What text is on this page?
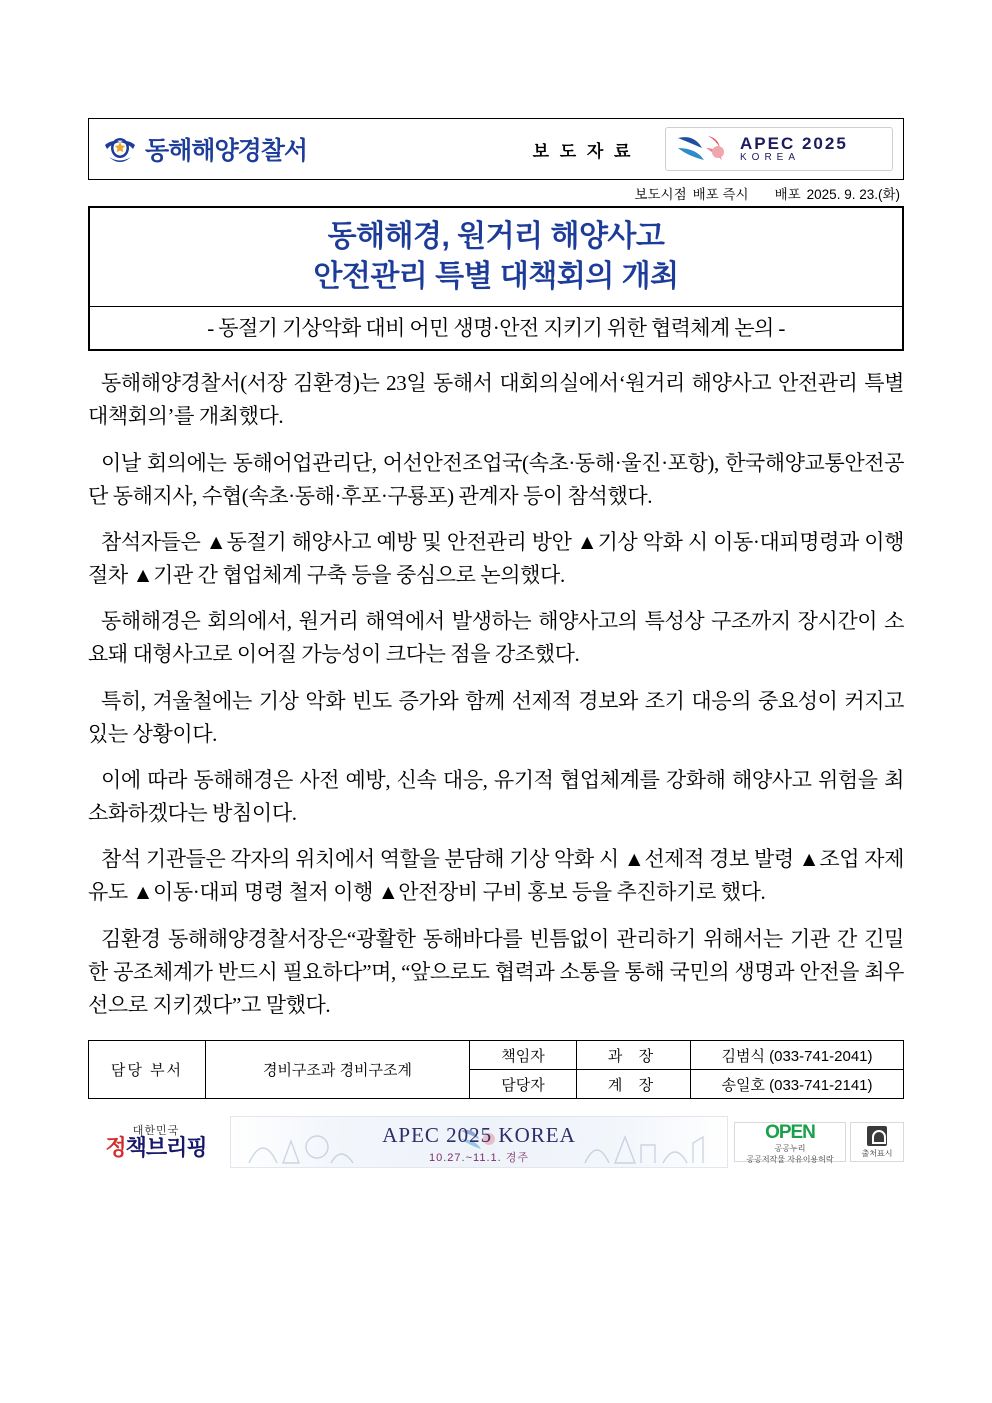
동해해양경찰서	보 도 자 료	APEC 2025
KOREA
보도시점 배포 즉시 배포 2025. 9. 23.(화)
동해해경, 원거리 해양사고
안전관리 특별 대책회의 개최
- 동절기 기상악화 대비 어민 생명·안전 지키기 위한 협력체계 논의 -

동해해양경찰서(서장 김환경)는 23일 동해서 대회의실에서‘원거리 해양사고 안전관리 특별 대책회의’를 개최했다.

이날 회의에는 동해어업관리단, 어선안전조업국(속초·동해·울진·포항), 한국해양교통안전공단 동해지사, 수협(속초·동해·후포·구룡포) 관계자 등이 참석했다.

참석자들은 ▲동절기 해양사고 예방 및 안전관리 방안 ▲기상 악화 시 이동·대피명령과 이행 절차 ▲기관 간 협업체계 구축 등을 중심으로 논의했다.

동해해경은 회의에서, 원거리 해역에서 발생하는 해양사고의 특성상 구조까지 장시간이 소요돼 대형사고로 이어질 가능성이 크다는 점을 강조했다.

특히, 겨울철에는 기상 악화 빈도 증가와 함께 선제적 경보와 조기 대응의 중요성이 커지고 있는 상황이다.

이에 따라 동해해경은 사전 예방, 신속 대응, 유기적 협업체계를 강화해 해양사고 위험을 최소화하겠다는 방침이다.

참석 기관들은 각자의 위치에서 역할을 분담해 기상 악화 시 ▲선제적 경보 발령 ▲조업 자제 유도 ▲이동·대피 명령 철저 이행 ▲안전장비 구비 홍보 등을 추진하기로 했다.

김환경 동해해양경찰서장은“광활한 동해바다를 빈틈없이 관리하기 위해서는 기관 간 긴밀한 공조체계가 반드시 필요하다”며, “앞으로도 협력과 소통을 통해 국민의 생명과 안전을 최우선으로 지키겠다”고 말했다.

담당 부서	경비구조과 경비구조계	책임자	과 장	김범식 (033-741-2041)
		담당자	계 장	송일호 (033-741-2141)
대한민국
정책브리핑	APEC 2025 KOREA
10.27.~11.1. 경주
OPEN
공공누리
공공저작물 자유이용허락
출처표시
